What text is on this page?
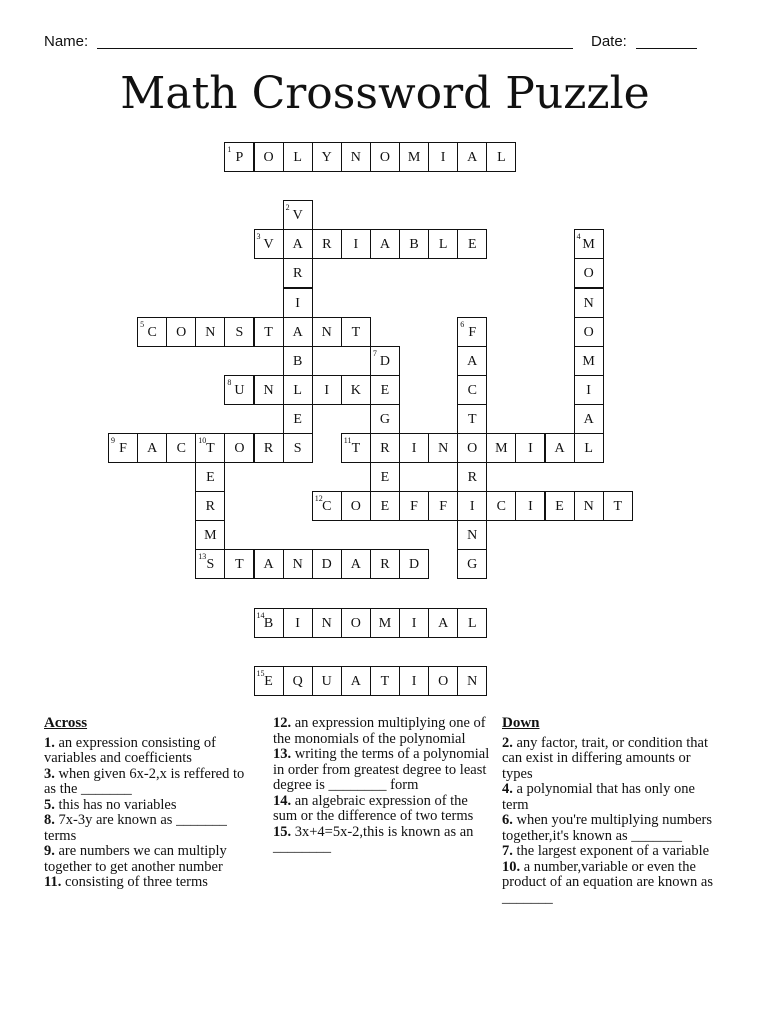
Name:	Date:
Math Crossword Puzzle
P
1
O	L	Y	N	O	M	I	A	L
V
2
A
R
I
A
B
L
E
S
V
3
R	I	A	B	L	E	M
4
O
N
O
M
I
A
L
C
5
O	N	S	T	N	T	F
6
A
C
T
O
R
I
N
G
D
7
E
G
R
E
E
U
8
N	I	K
F
9
A	C	T
10
O	R
E
R
M
T
11
I	N	M	I	A
C
12
O	F	F	C	I	E	N	T
S
13
T	A	N	D	A	R	D
B
14
I	N	O	M	I	A	L
E
15
Q	U	A	T	I	O	N
Across

1. an expression consisting of variables and coefficients

3. when given 6x-2,x is reffered to as the _______

5. this has no variables

8. 7x-3y are known as _______ terms

9. are numbers we can multiply together to get another number

11. consisting of three terms

12. an expression multiplying one of the monomials of the polynomial

13. writing the terms of a polynomial in order from greatest degree to least degree is ________ form

14. an algebraic expression of the sum or the difference of two terms

15. 3x+4=5x-2,this is known as an ________

Down

2. any factor, trait, or condition that can exist in differing amounts or types

4. a polynomial that has only one term

6. when you're multiplying numbers together,it's known as _______

7. the largest exponent of a variable

10. a number,variable or even the product of an equation are known as _______
